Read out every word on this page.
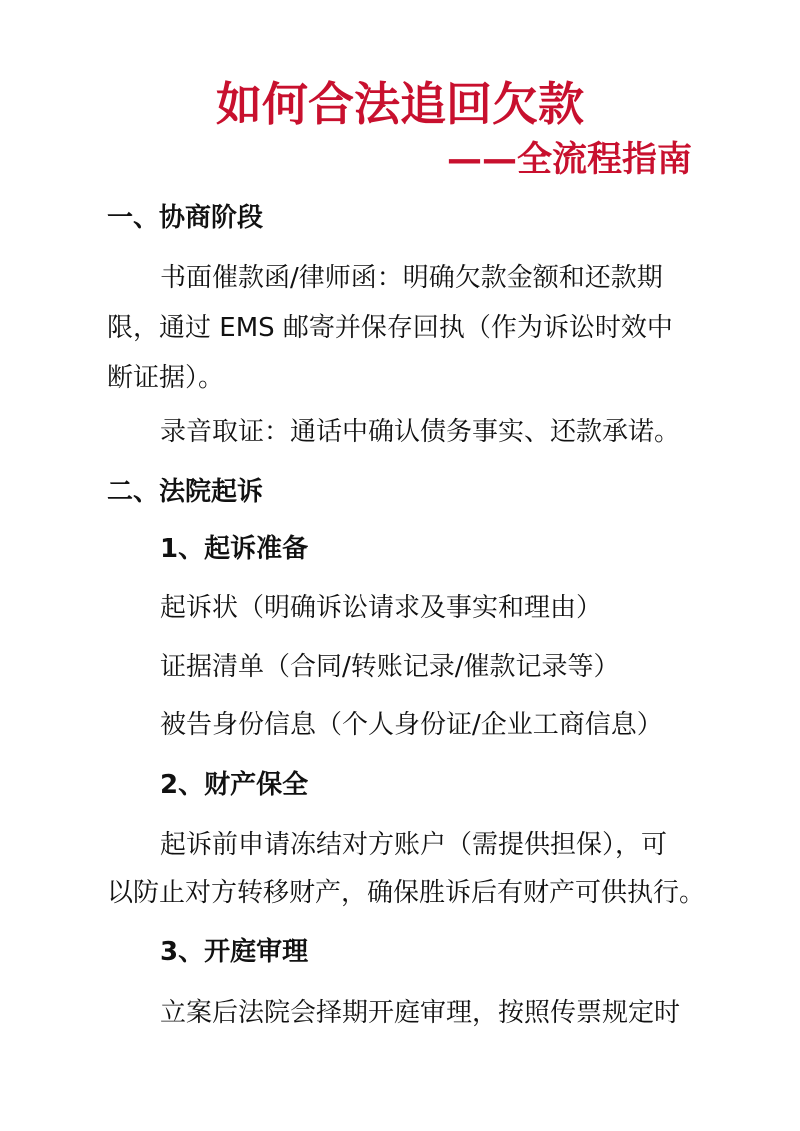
如何合法追回欠款
——全流程指南
一、协商阶段
书面催款函/律师函：明确欠款金额和还款期
限，通过 EMS 邮寄并保存回执（作为诉讼时效中
断证据）。
录音取证：通话中确认债务事实、还款承诺。
二、法院起诉
1、起诉准备
起诉状（明确诉讼请求及事实和理由）
证据清单（合同/转账记录/催款记录等）
被告身份信息（个人身份证/企业工商信息）
2、财产保全
起诉前申请冻结对方账户（需提供担保），可
以防止对方转移财产，确保胜诉后有财产可供执行。
3、开庭审理
立案后法院会择期开庭审理，按照传票规定时
